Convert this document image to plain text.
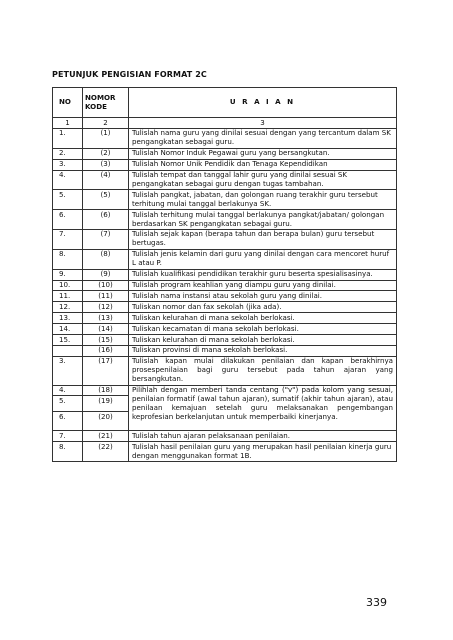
PETUNJUK PENGISIAN FORMAT 2C
NO	NOMOR KODE	U R A I A N
1	2	3
1.	(1)	Tulislah nama guru yang dinilai sesuai dengan yang tercantum dalam SK pengangkatan sebagai guru.
2.	(2)	Tulislah Nomor Induk Pegawai guru yang bersangkutan.
3.	(3)	Tulislah Nomor Unik Pendidik dan Tenaga Kependidikan
4.	(4)	Tulislah tempat dan tanggal lahir guru yang dinilai sesuai SK pengangkatan sebagai guru dengan tugas tambahan.
5.	(5)	Tulislah pangkat, jabatan, dan golongan ruang terakhir guru tersebut terhitung mulai tanggal berlakunya SK.
6.	(6)	Tulislah terhitung mulai tanggal berlakunya pangkat/jabatan/ golongan berdasarkan SK pengangkatan sebagai guru.
7.	(7)	Tulislah sejak kapan (berapa tahun dan berapa bulan) guru tersebut bertugas.
8.	(8)	Tulislah jenis kelamin dari guru yang dinilai dengan cara mencoret huruf L atau P.
9.	(9)	Tulislah kualifikasi pendidikan terakhir guru beserta spesialisasinya.
10.	(10)	Tulislah program keahlian yang diampu guru yang dinilai.
11.	(11)	Tulislah nama instansi atau sekolah guru yang dinilai.
12.	(12)	Tuliskan nomor dan fax sekolah (jika ada).
13.	(13)	Tuliskan kelurahan di mana sekolah berlokasi.
14.	(14)	Tuliskan kecamatan di mana sekolah berlokasi.
15.	(15)	Tuliskan kelurahan di mana sekolah berlokasi.
	(16)	Tuliskan provinsi di mana sekolah berlokasi.
3.	(17)	Tulislah kapan mulai dilakukan penilaian dan kapan berakhirnya prosespenilaian bagi guru tersebut pada tahun ajaran yang bersangkutan.
4.	(18)	Pilihlah dengan memberi tanda centang ("v") pada kolom yang sesuai, penilaian formatif (awal tahun ajaran), sumatif (akhir tahun ajaran), atau penilaan kemajuan setelah guru melaksanakan pengembangan keprofesian berkelanjutan untuk memperbaiki kinerjanya.
5.	(19)	
6.	(20)	
7.	(21)	Tulislah tahun ajaran pelaksanaan penilaian.
8.	(22)	Tulislah hasil penilaian guru yang merupakan hasil penilaian kinerja guru dengan menggunakan format 1B.
339
